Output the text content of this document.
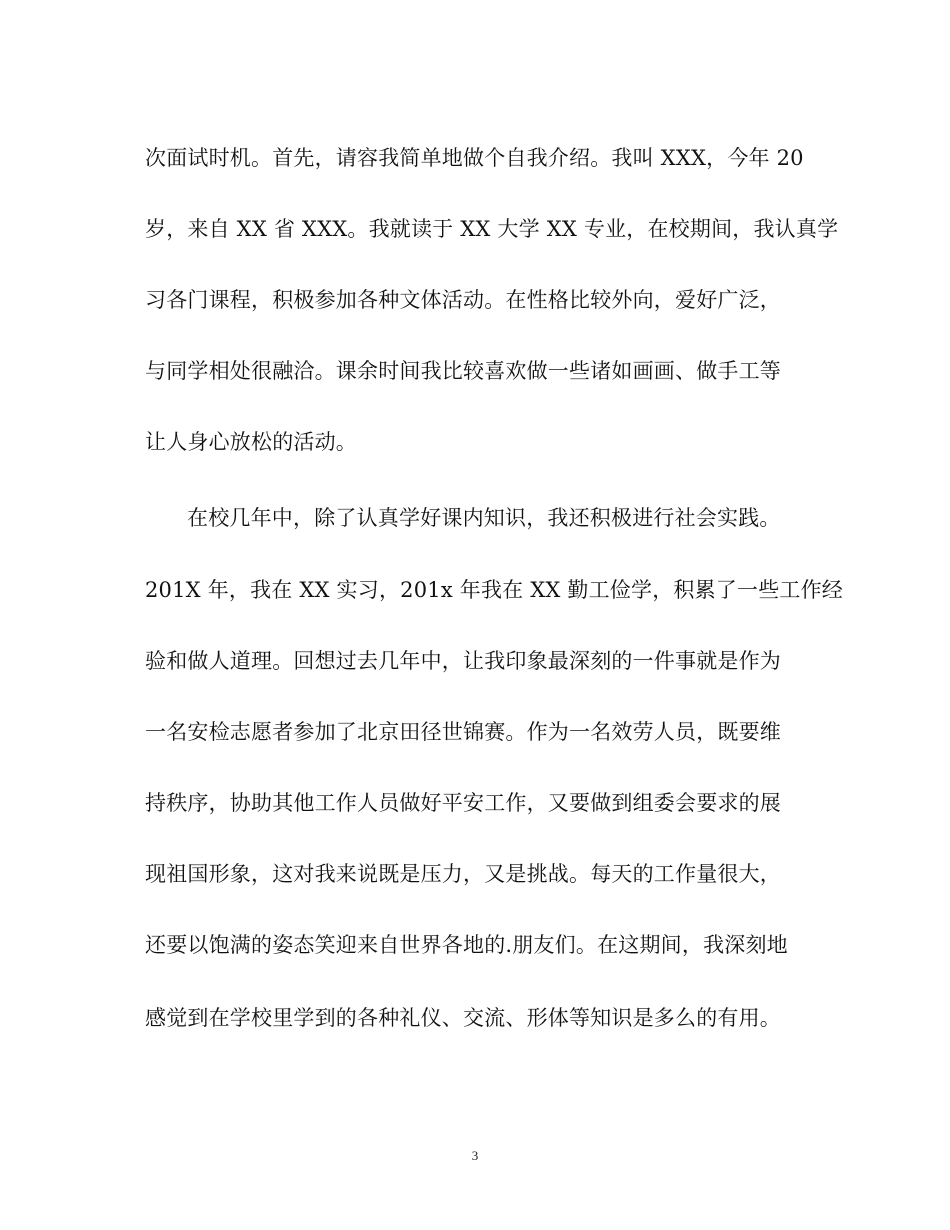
次面试时机。首先，请容我简单地做个自我介绍。我叫 XXX，今年 20
岁，来自 XX 省 XXX。我就读于 XX 大学 XX 专业，在校期间，我认真学
习各门课程，积极参加各种文体活动。在性格比较外向，爱好广泛，
与同学相处很融洽。课余时间我比较喜欢做一些诸如画画、做手工等
让人身心放松的活动。
在校几年中，除了认真学好课内知识，我还积极进行社会实践。
201X 年，我在 XX 实习，201x 年我在 XX 勤工俭学，积累了一些工作经
验和做人道理。回想过去几年中，让我印象最深刻的一件事就是作为
一名安检志愿者参加了北京田径世锦赛。作为一名效劳人员，既要维
持秩序，协助其他工作人员做好平安工作，又要做到组委会要求的展
现祖国形象，这对我来说既是压力，又是挑战。每天的工作量很大，
还要以饱满的姿态笑迎来自世界各地的.朋友们。在这期间，我深刻地
感觉到在学校里学到的各种礼仪、交流、形体等知识是多么的有用。
3
